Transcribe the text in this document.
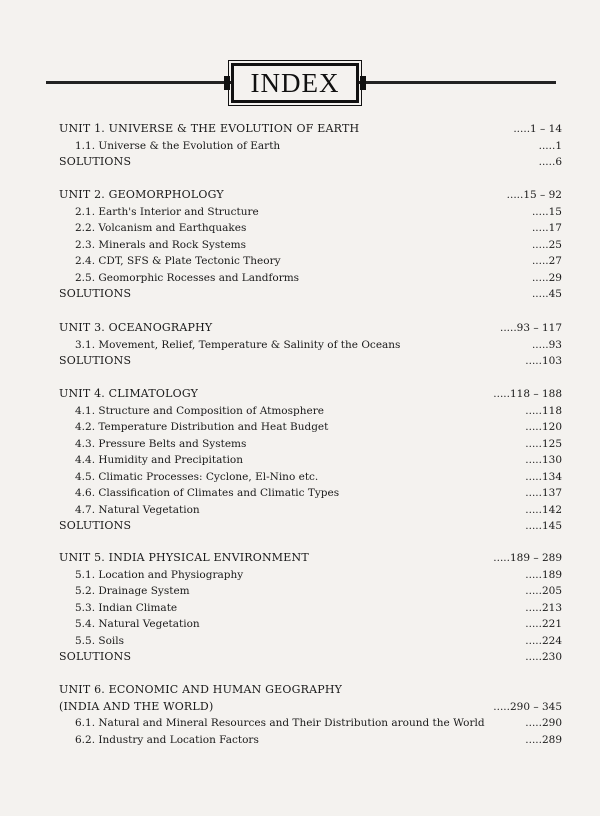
INDEX
UNIT 1. UNIVERSE & THE EVOLUTION OF EARTH	.....1 – 14
1.1. Universe & the Evolution of Earth	.....1
SOLUTIONS	.....6
UNIT 2. GEOMORPHOLOGY	.....15 – 92
2.1. Earth's Interior and Structure	.....15
2.2. Volcanism and Earthquakes	.....17
2.3. Minerals and Rock Systems	.....25
2.4. CDT, SFS & Plate Tectonic Theory	.....27
2.5. Geomorphic Rocesses and Landforms	.....29
SOLUTIONS	.....45
UNIT 3. OCEANOGRAPHY	.....93 – 117
3.1. Movement, Relief, Temperature & Salinity of the Oceans	.....93
SOLUTIONS	.....103
UNIT 4. CLIMATOLOGY	.....118 – 188
4.1. Structure and Composition of Atmosphere	.....118
4.2. Temperature Distribution and Heat Budget	.....120
4.3. Pressure Belts and Systems	.....125
4.4. Humidity and Precipitation	.....130
4.5. Climatic Processes: Cyclone, El-Nino etc.	.....134
4.6. Classification of Climates and Climatic Types	.....137
4.7. Natural Vegetation	.....142
SOLUTIONS	.....145
UNIT 5. INDIA PHYSICAL ENVIRONMENT	.....189 – 289
5.1. Location and Physiography	.....189
5.2. Drainage System	.....205
5.3. Indian Climate	.....213
5.4. Natural Vegetation	.....221
5.5. Soils	.....224
SOLUTIONS	.....230
UNIT 6. ECONOMIC AND HUMAN GEOGRAPHY
(INDIA AND THE WORLD)	.....290 – 345
6.1. Natural and Mineral Resources and Their Distribution around the World	.....290
6.2. Industry and Location Factors	.....289
